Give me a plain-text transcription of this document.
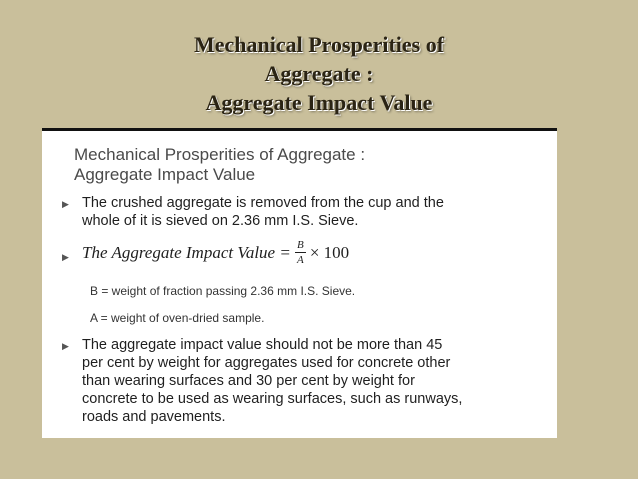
Mechanical Prosperities of
Aggregate :
Aggregate Impact Value
Mechanical Prosperities of Aggregate :
Aggregate Impact Value
▶ The crushed aggregate is removed from the cup and the
whole of it is sieved on 2.36 mm I.S. Sieve.
▶ The Aggregate Impact Value = $\frac{B}{A} \times 100$
B = weight of fraction passing 2.36 mm I.S. Sieve.
A = weight of oven-dried sample.
▶ The aggregate impact value should not be more than 45
per cent by weight for aggregates used for concrete other
than wearing surfaces and 30 per cent by weight for
concrete to be used as wearing surfaces, such as runways,
roads and pavements.
